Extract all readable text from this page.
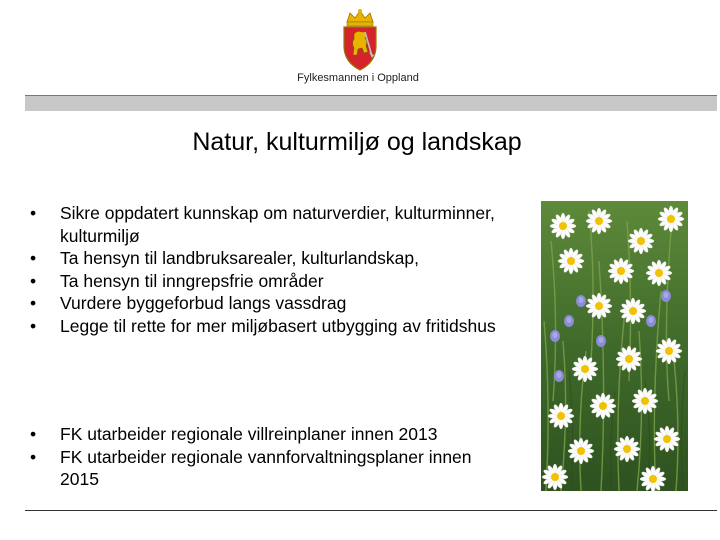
Fylkesmannen i Oppland
Natur, kulturmiljø og landskap
• Sikre oppdatert kunnskap om naturverdier, kulturminner, kulturmiljø
• Ta hensyn til landbruksarealer, kulturlandskap,
• Ta hensyn til inngrepsfrie områder
• Vurdere byggeforbud langs vassdrag
• Legge til rette for mer miljøbasert utbygging av fritidshus
• FK utarbeider regionale villreinplaner innen 2013
• FK utarbeider regionale vannforvaltningsplaner innen 2015
